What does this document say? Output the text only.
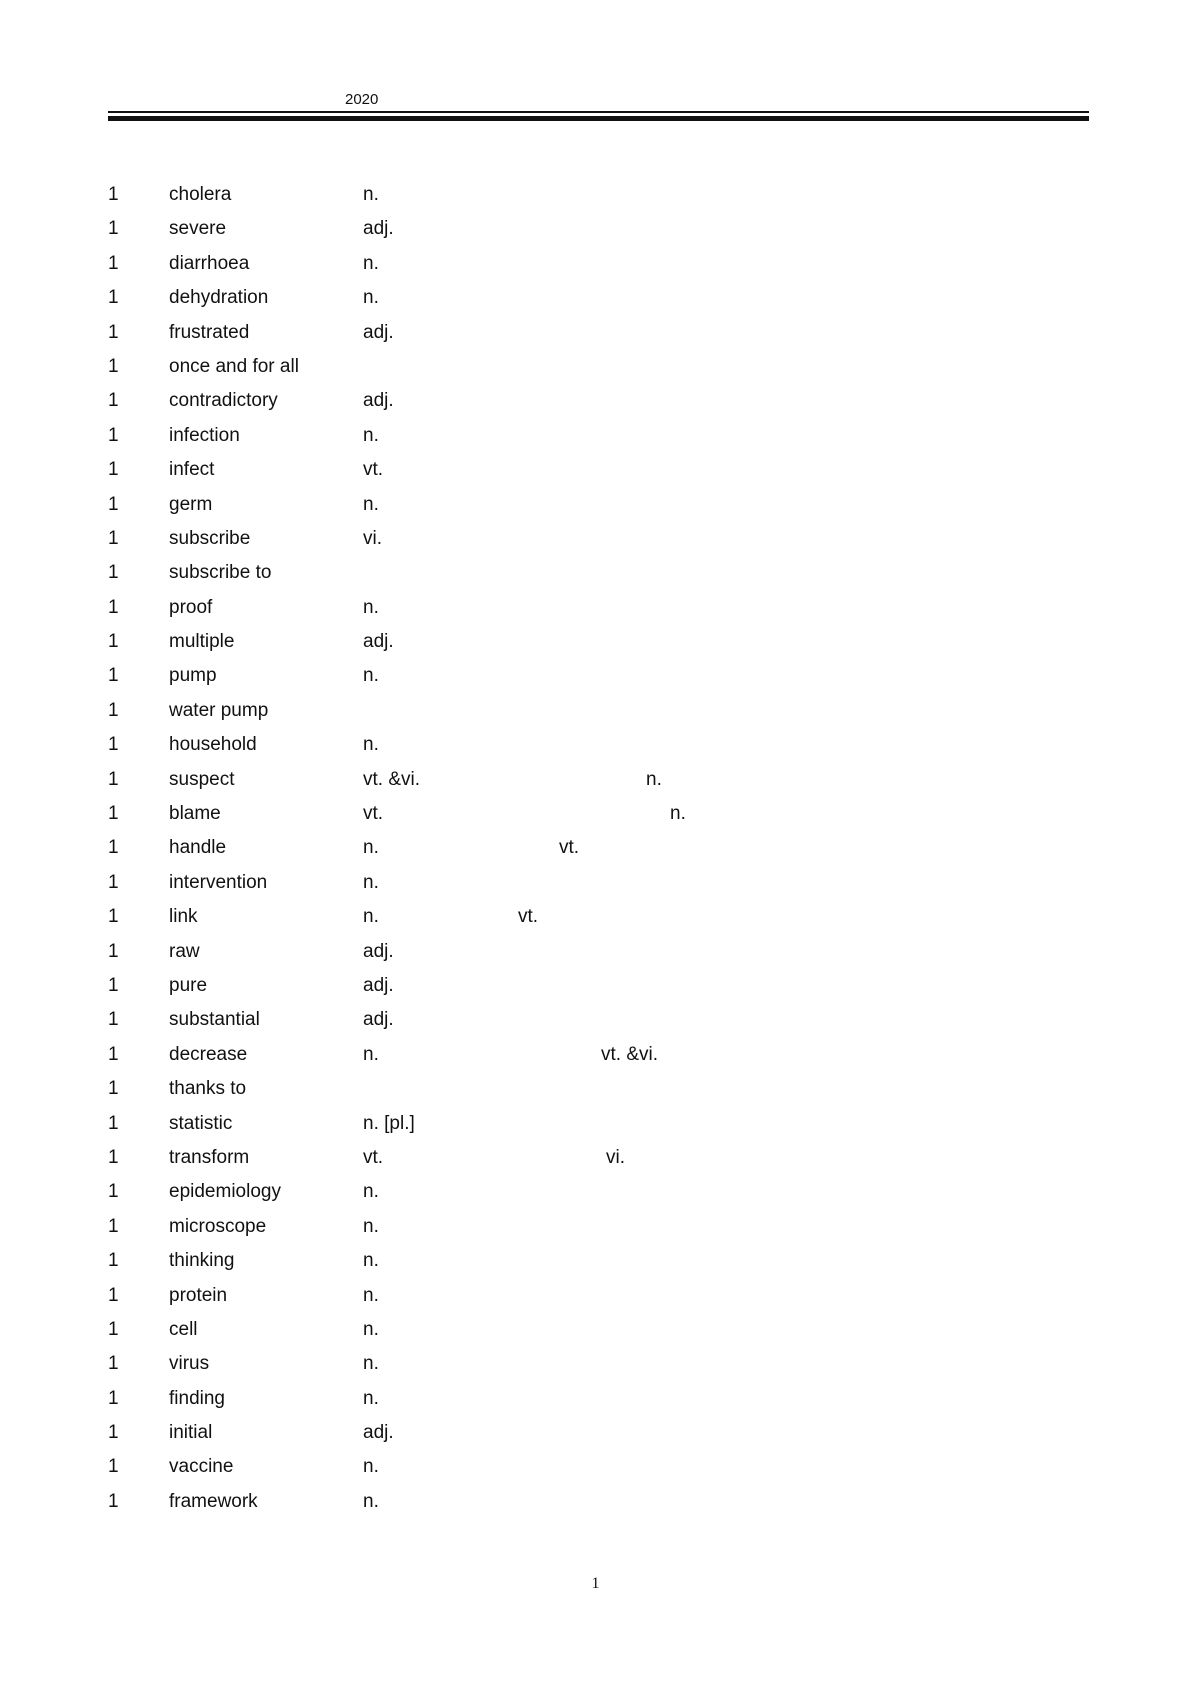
2020
1	cholera	n.
1	severe	adj.
1	diarrhoea	n.
1	dehydration	n.
1	frustrated	adj.
1	once and for all
1	contradictory	adj.
1	infection	n.
1	infect	vt.
1	germ	n.
1	subscribe	vi.
1	subscribe to
1	proof	n.
1	multiple	adj.
1	pump	n.
1	water pump
1	household	n.
1	suspect	vt. &vi.	n.
1	blame	vt.	n.
1	handle	n.	vt.
1	intervention	n.
1	link	n.	vt.
1	raw	adj.
1	pure	adj.
1	substantial	adj.
1	decrease	n.	vt. &vi.
1	thanks to
1	statistic	n. [pl.]
1	transform	vt.	vi.
1	epidemiology	n.
1	microscope	n.
1	thinking	n.
1	protein	n.
1	cell	n.
1	virus	n.
1	finding	n.
1	initial	adj.
1	vaccine	n.
1	framework	n.
1
